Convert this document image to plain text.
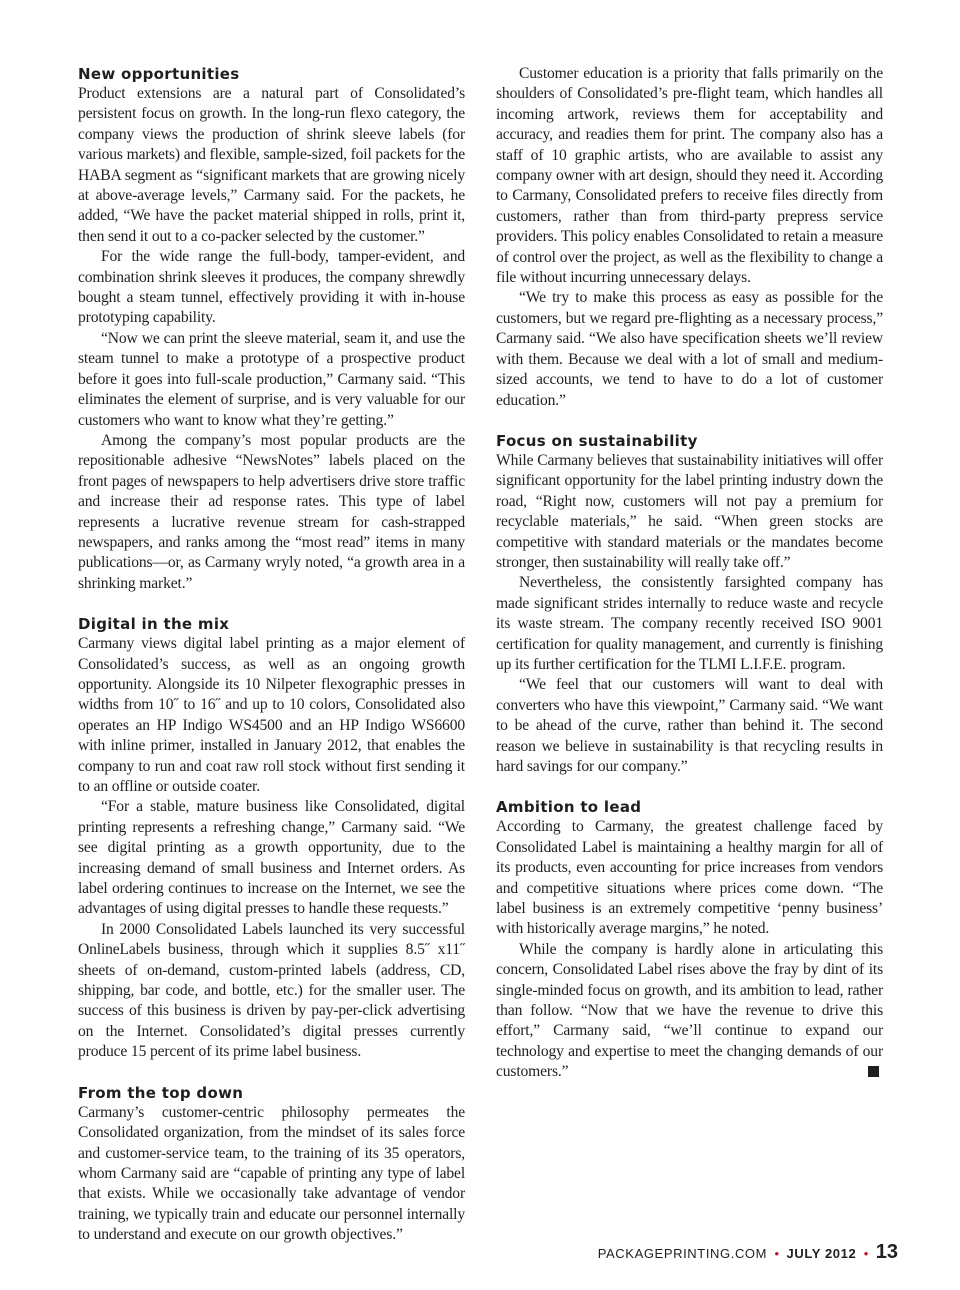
New opportunities

Product extensions are a natural part of Consolidated’s persistent focus on growth. In the long-run flexo category, the company views the production of shrink sleeve labels (for various markets) and flexible, sample-sized, foil packets for the HABA segment as “significant markets that are growing nicely at above-average levels,” Carmany said. For the packets, he added, “We have the packet material shipped in rolls, print it, then send it out to a co-packer selected by the customer.”

For the wide range the full-body, tamper-evident, and combination shrink sleeves it produces, the company shrewdly bought a steam tunnel, effectively providing it with in-house prototyping capability.

“Now we can print the sleeve material, seam it, and use the steam tunnel to make a prototype of a prospective product before it goes into full-scale production,” Carmany said. “This eliminates the element of surprise, and is very valuable for our customers who want to know what they’re getting.”

Among the company’s most popular products are the repositionable adhesive “NewsNotes” labels placed on the front pages of newspapers to help advertisers drive store traffic and increase their ad response rates. This type of label represents a lucrative revenue stream for cash-strapped newspapers, and ranks among the “most read” items in many publications—or, as Carmany wryly noted, “a growth area in a shrinking market.”

Digital in the mix

Carmany views digital label printing as a major element of Consolidated’s success, as well as an ongoing growth opportunity. Alongside its 10 Nilpeter flexographic presses in widths from 10˝ to 16˝ and up to 10 colors, Consolidated also operates an HP Indigo WS4500 and an HP Indigo WS6600 with inline primer, installed in January 2012, that enables the company to run and coat raw roll stock without first sending it to an offline or outside coater.

“For a stable, mature business like Consolidated, digital printing represents a refreshing change,” Carmany said. “We see digital printing as a growth opportunity, due to the increasing demand of small business and Internet orders. As label ordering continues to increase on the Internet, we see the advantages of using digital presses to handle these requests.”

In 2000 Consolidated Labels launched its very successful OnlineLabels business, through which it supplies 8.5˝ x11˝ sheets of on-demand, custom-printed labels (address, CD, shipping, bar code, and bottle, etc.) for the smaller user. The success of this business is driven by pay-per-click advertising on the Internet. Consolidated’s digital presses currently produce 15 percent of its prime label business.

From the top down

Carmany’s customer-centric philosophy permeates the Consolidated organization, from the mindset of its sales force and customer-service team, to the training of its 35 operators, whom Carmany said are “capable of printing any type of label that exists. While we occasionally take advantage of vendor training, we typically train and educate our personnel internally to understand and execute on our growth objectives.”

Customer education is a priority that falls primarily on the shoulders of Consolidated’s pre-flight team, which handles all incoming artwork, reviews them for acceptability and accuracy, and readies them for print. The company also has a staff of 10 graphic artists, who are available to assist any company owner with art design, should they need it. According to Carmany, Consolidated prefers to receive files directly from customers, rather than from third-party prepress service providers. This policy enables Consolidated to retain a measure of control over the project, as well as the flexibility to change a file without incurring unnecessary delays.

“We try to make this process as easy as possible for the customers, but we regard pre-flighting as a necessary process,” Carmany said. “We also have specification sheets we’ll review with them. Because we deal with a lot of small and medium-sized accounts, we tend to have to do a lot of customer education.”

Focus on sustainability

While Carmany believes that sustainability initiatives will offer significant opportunity for the label printing industry down the road, “Right now, customers will not pay a premium for recyclable materials,” he said. “When green stocks are competitive with standard materials or the mandates become stronger, then sustainability will really take off.”

Nevertheless, the consistently farsighted company has made significant strides internally to reduce waste and recycle its waste stream. The company recently received ISO 9001 certification for quality management, and currently is finishing up its further certification for the TLMI L.I.F.E. program.

“We feel that our customers will want to deal with converters who have this viewpoint,” Carmany said. “We want to be ahead of the curve, rather than behind it. The second reason we believe in sustainability is that recycling results in hard savings for our company.”

Ambition to lead

According to Carmany, the greatest challenge faced by Consolidated Label is maintaining a healthy margin for all of its products, even accounting for price increases from vendors and competitive situations where prices come down. “The label business is an extremely competitive ‘penny business’ with historically average margins,” he noted.

While the company is hardly alone in articulating this concern, Consolidated Label rises above the fray by dint of its single-minded focus on growth, and its ambition to lead, rather than follow. “Now that we have the revenue to drive this effort,” Carmany said, “we’ll continue to expand our technology and expertise to meet the changing demands of our customers.”

PACKAGEPRINTING.COM • JULY 2012 • 13
